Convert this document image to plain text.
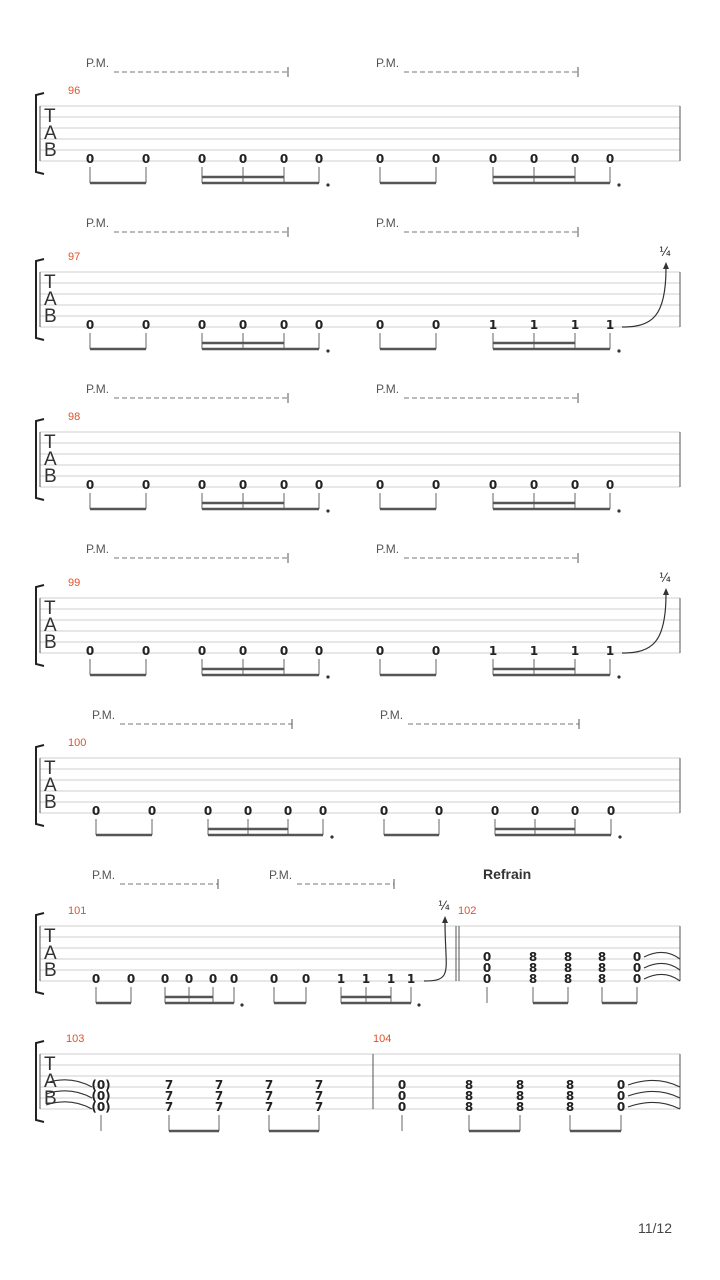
T
A
B
P.M.	P.M.
96
0	0	0	0	0 0	0	0	0	0	0 0
T
A
B
P.M.	P.M.
97
0	0	0	0	0 0	0	0	1	1	1 1
¼
T
A
B
P.M.	P.M.
98
0	0	0	0	0 0	0	0	0	0	0 0
T
A
B
P.M.	P.M.
99
0	0	0	0	0 0	0	0	1	1	1 1
¼
T
A
B
P.M.	P.M.
100
0	0	0	0	0 0	0	0	0	0	0 0
T
A
B
P.M.	P.M.	Refrain
101	102
0 0 0 0 0 0	0 0 1 1 1 1
¼
0
0
0
8
8
8
8
8
8
8
8
8
0
0
0
T
A
B
103	104
(0)
(0)
(0)
7
7
7
7
7
7
7
7
7
7
7
7
0
0
0
8
8
8
8
8
8
8
8
8
0
0
0
11/12
